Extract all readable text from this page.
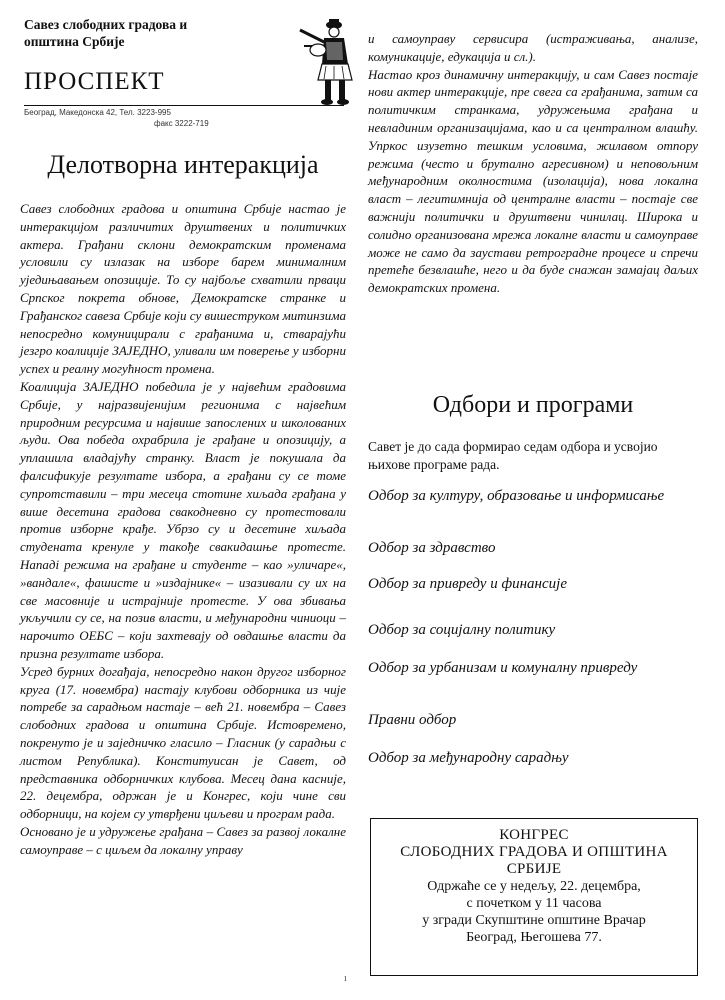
Савез слободних градова и
општина Србије
ПРОСПЕКТ
Београд, Македонска 42, Тел. 3223-995
факс 3222-719
Делотворна интеракција

Савез слободних градова и општина Србије настао је интеракцијом различитих друштвених и политичких актера. Грађани склони демократским променама условили су излазак на изборе барем минималним уједињавањем опозиције. То су најбоље схватили прваци Српског покрета обнове, Демократске странке и Грађанског савеза Србије који су вишеструком митинзима непосредно комуницирали с грађанима и, стварајући језгро коалиције ЗАЈЕДНО, уливали им поверење у изборни успех и реалну могућност промена.

Коалиција ЗАЈЕДНО победила је у највећим градовима Србије, у најразвијенијим регионима с највећим природним ресурсима и највише запослених и школованих људи. Ова победа охрабрила је грађане и опозицију, а уплашила владајућу странку. Власт је покушала да фалсификује резултате избора, а грађани су се томе супротставили – три месеца стотине хиљада грађана у више десетина градова свакодневно су протестовали против изборне крађе. Убрзо су и десетине хиљада студената кренуле у такође свакидашње протесте. Нападі режима на грађане и студенте – као »уличаре«, »вандале«, фашисте и »издајнике« – изазивали су их на све масовније и истрајније протесте. У ова збивања укључили су се, на позив власти, и међународни чиниоци – нарочито ОЕБС – који захтевају од овдашње власти да призна резултате избора.

Усред бурних догађаја, непосредно након другог изборног круга (17. новембра) настају клубови одборника из чије потребе за сарадњом настаје – већ 21. новембра – Савез слободних градова и општина Србије. Истовремено, покренуто је и заједничко гласило – Гласник (у сарадњи с листом Република). Конституисан је Савет, од представника одборничких клубова. Месец дана касније, 22. децембра, одржан је и Конгрес, који чине сви одборници, на којем су утврђени циљеви и програм рада.

Основано је и удружење грађана – Савез за развој локалне самоуправе – с циљем да локалну управу

и самоуправу сервисира (истраживања, анализе, комуникације, едукација и сл.).

Настао кроз динамичну интеракцију, и сам Савез постаје нови актер интеракције, пре свега са грађанима, затим са политичким странкама, удружењима грађана и невладиним организацијама, као и са централном влашћу. Упркос изузетно тешким условима, жилавом отпору режима (често и брутално агресивном) и неповољним међународним околностима (изолација), нова локална власт – легитимнија од централне власти – постаје све важнији политички и друштвени чинилац. Широка и солидно организована мрежа локалне власти и самоуправе може не само да заустави ретроградне процесе и спречи претеће безвлашће, него и да буде снажан замајац даљих демократских промена.

Одбори и програми

Савет је до сада формирао седам одбора и усвојио њихове програме рада.

Одбор за културу, образовање и информисање
Одбор за здравство
Одбор за привреду и финансије
Одбор за социјалну политику
Одбор за урбанизам и комуналну привреду
Правни одбор
Одбор за међународну сарадњу
КОНГРЕС
СЛОБОДНИХ ГРАДОВА И ОПШТИНА
СРБИЈЕ
Одржаће се у недељу, 22. децембра,
с почетком у 11 часова
у згради Скупштине општине Врачар
Београд, Његошева 77.
ı
